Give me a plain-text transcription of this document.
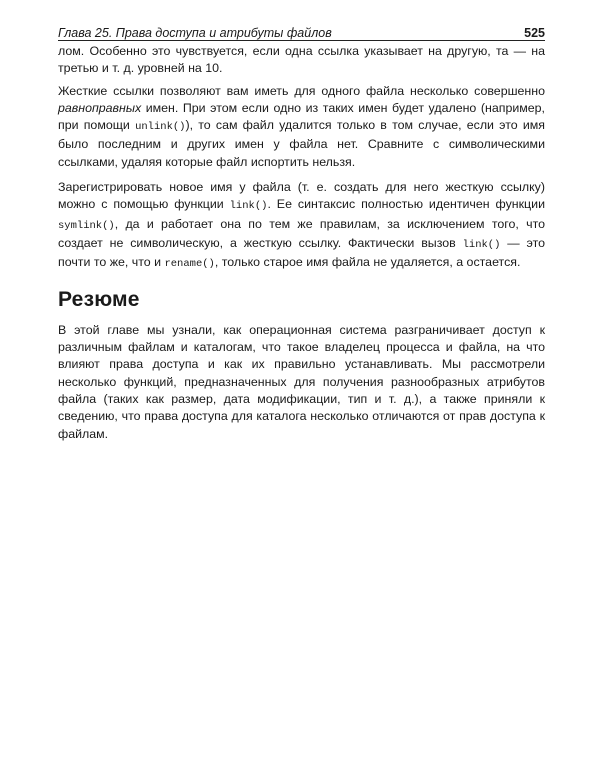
Глава 25. Права доступа и атрибуты файлов	525

лом. Особенно это чувствуется, если одна ссылка указывает на другую, та — на третью и т. д. уровней на 10.

Жесткие ссылки позволяют вам иметь для одного файла несколько совершенно равноправных имен. При этом если одно из таких имен будет удалено (например, при помощи unlink()), то сам файл удалится только в том случае, если это имя было последним и других имен у файла нет. Сравните с символическими ссылками, удаляя которые файл испортить нельзя.

Зарегистрировать новое имя у файла (т. е. создать для него жесткую ссылку) можно с помощью функции link(). Ее синтаксис полностью идентичен функции symlink(), да и работает она по тем же правилам, за исключением того, что создает не символическую, а жесткую ссылку. Фактически вызов link() — это почти то же, что и rename(), только старое имя файла не удаляется, а остается.

Резюме

В этой главе мы узнали, как операционная система разграничивает доступ к различным файлам и каталогам, что такое владелец процесса и файла, на что влияют права доступа и как их правильно устанавливать. Мы рассмотрели несколько функций, предназначенных для получения разнообразных атрибутов файла (таких как размер, дата модификации, тип и т. д.), а также приняли к сведению, что права доступа для каталога несколько отличаются от прав доступа к файлам.
